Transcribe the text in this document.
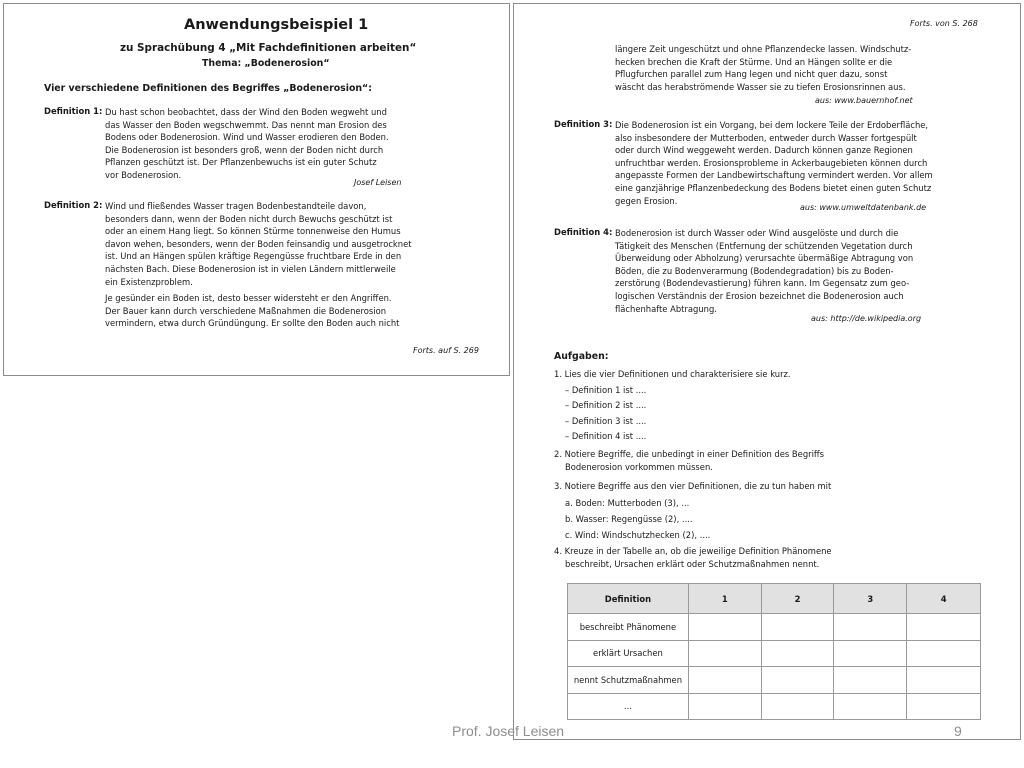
Anwendungsbeispiel 1
zu Sprachübung 4 „Mit Fachdefinitionen arbeiten“
Thema: „Bodenerosion“
Vier verschiedene Definitionen des Begriffes „Bodenerosion“:
Definition 1: Du hast schon beobachtet, dass der Wind den Boden wegweht und
das Wasser den Boden wegschwemmt. Das nennt man Erosion des
Bodens oder Bodenerosion. Wind und Wasser erodieren den Boden.
Die Bodenerosion ist besonders groß, wenn der Boden nicht durch
Pflanzen geschützt ist. Der Pflanzenbewuchs ist ein guter Schutz
vor Bodenerosion.
Josef Leisen
Definition 2: Wind und fließendes Wasser tragen Bodenbestandteile davon,
besonders dann, wenn der Boden nicht durch Bewuchs geschützt ist
oder an einem Hang liegt. So können Stürme tonnenweise den Humus
davon wehen, besonders, wenn der Boden feinsandig und ausgetrocknet
ist. Und an Hängen spülen kräftige Regengüsse fruchtbare Erde in den
nächsten Bach. Diese Bodenerosion ist in vielen Ländern mittlerweile
ein Existenzproblem.
Je gesünder ein Boden ist, desto besser widersteht er den Angriffen.
Der Bauer kann durch verschiedene Maßnahmen die Bodenerosion
vermindern, etwa durch Gründüngung. Er sollte den Boden auch nicht
Forts. auf S. 269
Forts. von S. 268
längere Zeit ungeschützt und ohne Pflanzendecke lassen. Windschutz-
hecken brechen die Kraft der Stürme. Und an Hängen sollte er die
Pflugfurchen parallel zum Hang legen und nicht quer dazu, sonst
wäscht das herabströmende Wasser sie zu tiefen Erosionsrinnen aus.
aus: www.bauernhof.net
Definition 3: Die Bodenerosion ist ein Vorgang, bei dem lockere Teile der Erdoberfläche,
also insbesondere der Mutterboden, entweder durch Wasser fortgespült
oder durch Wind weggeweht werden. Dadurch können ganze Regionen
unfruchtbar werden. Erosionsprobleme in Ackerbaugebieten können durch
angepasste Formen der Landbewirtschaftung vermindert werden. Vor allem
eine ganzjährige Pflanzenbedeckung des Bodens bietet einen guten Schutz
gegen Erosion.
aus: www.umweltdatenbank.de
Definition 4: Bodenerosion ist durch Wasser oder Wind ausgelöste und durch die
Tätigkeit des Menschen (Entfernung der schützenden Vegetation durch
Überweidung oder Abholzung) verursachte übermäßige Abtragung von
Böden, die zu Bodenverarmung (Bodendegradation) bis zu Boden-
zerstörung (Bodendevastierung) führen kann. Im Gegensatz zum geo-
logischen Verständnis der Erosion bezeichnet die Bodenerosion auch
flächenhafte Abtragung.
aus: http://de.wikipedia.org
Aufgaben:
1. Lies die vier Definitionen und charakterisiere sie kurz.
– Definition 1 ist ....
– Definition 2 ist ....
– Definition 3 ist ....
– Definition 4 ist ....
2. Notiere Begriffe, die unbedingt in einer Definition des Begriffs
Bodenerosion vorkommen müssen.
3. Notiere Begriffe aus den vier Definitionen, die zu tun haben mit
a. Boden: Mutterboden (3), ...
b. Wasser: Regengüsse (2), ....
c. Wind: Windschutzhecken (2), ....
4. Kreuze in der Tabelle an, ob die jeweilige Definition Phänomene
beschreibt, Ursachen erklärt oder Schutzmaßnahmen nennt.
Definition	1	2	3	4
beschreibt Phänomene				
erklärt Ursachen				
nennt Schutzmaßnahmen				
...				
Prof. Josef Leisen	9
